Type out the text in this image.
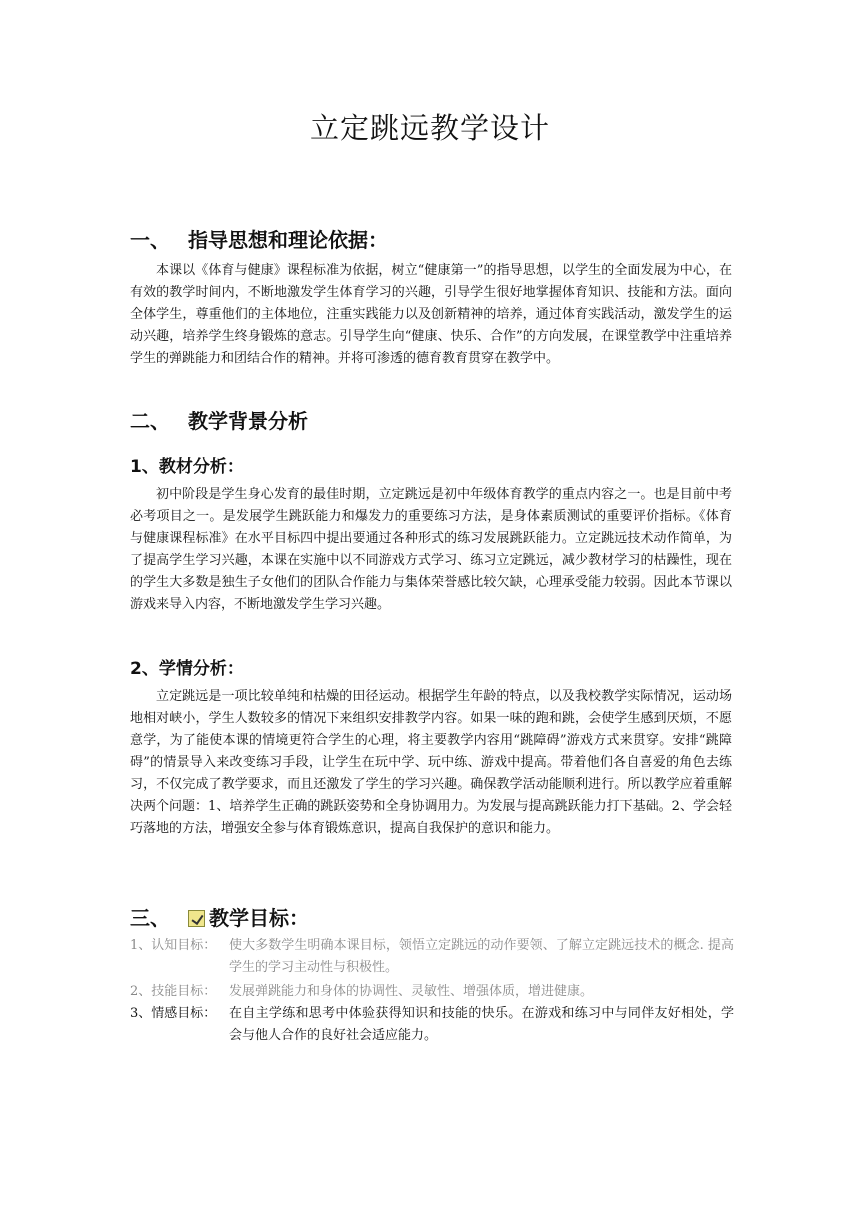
立定跳远教学设计
一、 指导思想和理论依据：

本课以《体育与健康》课程标准为依据，树立“健康第一”的指导思想，以学生的全面发展为中心，在有效的教学时间内，不断地激发学生体育学习的兴趣，引导学生很好地掌握体育知识、技能和方法。面向全体学生，尊重他们的主体地位，注重实践能力以及创新精神的培养，通过体育实践活动，激发学生的运动兴趣，培养学生终身锻炼的意志。引导学生向“健康、快乐、合作”的方向发展，在课堂教学中注重培养学生的弹跳能力和团结合作的精神。并将可渗透的德育教育贯穿在教学中。

二、 教学背景分析
1、教材分析：

初中阶段是学生身心发育的最佳时期，立定跳远是初中年级体育教学的重点内容之一。也是目前中考必考项目之一。是发展学生跳跃能力和爆发力的重要练习方法，是身体素质测试的重要评价指标。《体育与健康课程标准》在水平目标四中提出要通过各种形式的练习发展跳跃能力。立定跳远技术动作简单，为了提高学生学习兴趣，本课在实施中以不同游戏方式学习、练习立定跳远，减少教材学习的枯躁性，现在的学生大多数是独生子女他们的团队合作能力与集体荣誉感比较欠缺，心理承受能力较弱。因此本节课以游戏来导入内容，不断地激发学生学习兴趣。

2、学情分析：

立定跳远是一项比较单纯和枯燥的田径运动。根据学生年龄的特点，以及我校教学实际情况，运动场地相对峡小，学生人数较多的情况下来组织安排教学内容。如果一味的跑和跳，会使学生感到厌烦，不愿意学，为了能使本课的情境更符合学生的心理，将主要教学内容用“跳障碍”游戏方式来贯穿。安排“跳障碍”的情景导入来改变练习手段，让学生在玩中学、玩中练、游戏中提高。带着他们各自喜爱的角色去练习，不仅完成了教学要求，而且还激发了学生的学习兴趣。确保教学活动能顺利进行。所以教学应着重解决两个问题：1、培养学生正确的跳跃姿势和全身协调用力。为发展与提高跳跃能力打下基础。2、学会轻巧落地的方法，增强安全参与体育锻炼意识，提高自我保护的意识和能力。

三、 教学目标：
1、认知目标： 使大多数学生明确本课目标，领悟立定跳远的动作要领、了解立定跳远技术的概念. 提高学生的学习主动性与积极性。
2、技能目标： 发展弹跳能力和身体的协调性、灵敏性、增强体质，增进健康。
3、情感目标： 在自主学练和思考中体验获得知识和技能的快乐。在游戏和练习中与同伴友好相处，学会与他人合作的良好社会适应能力。
